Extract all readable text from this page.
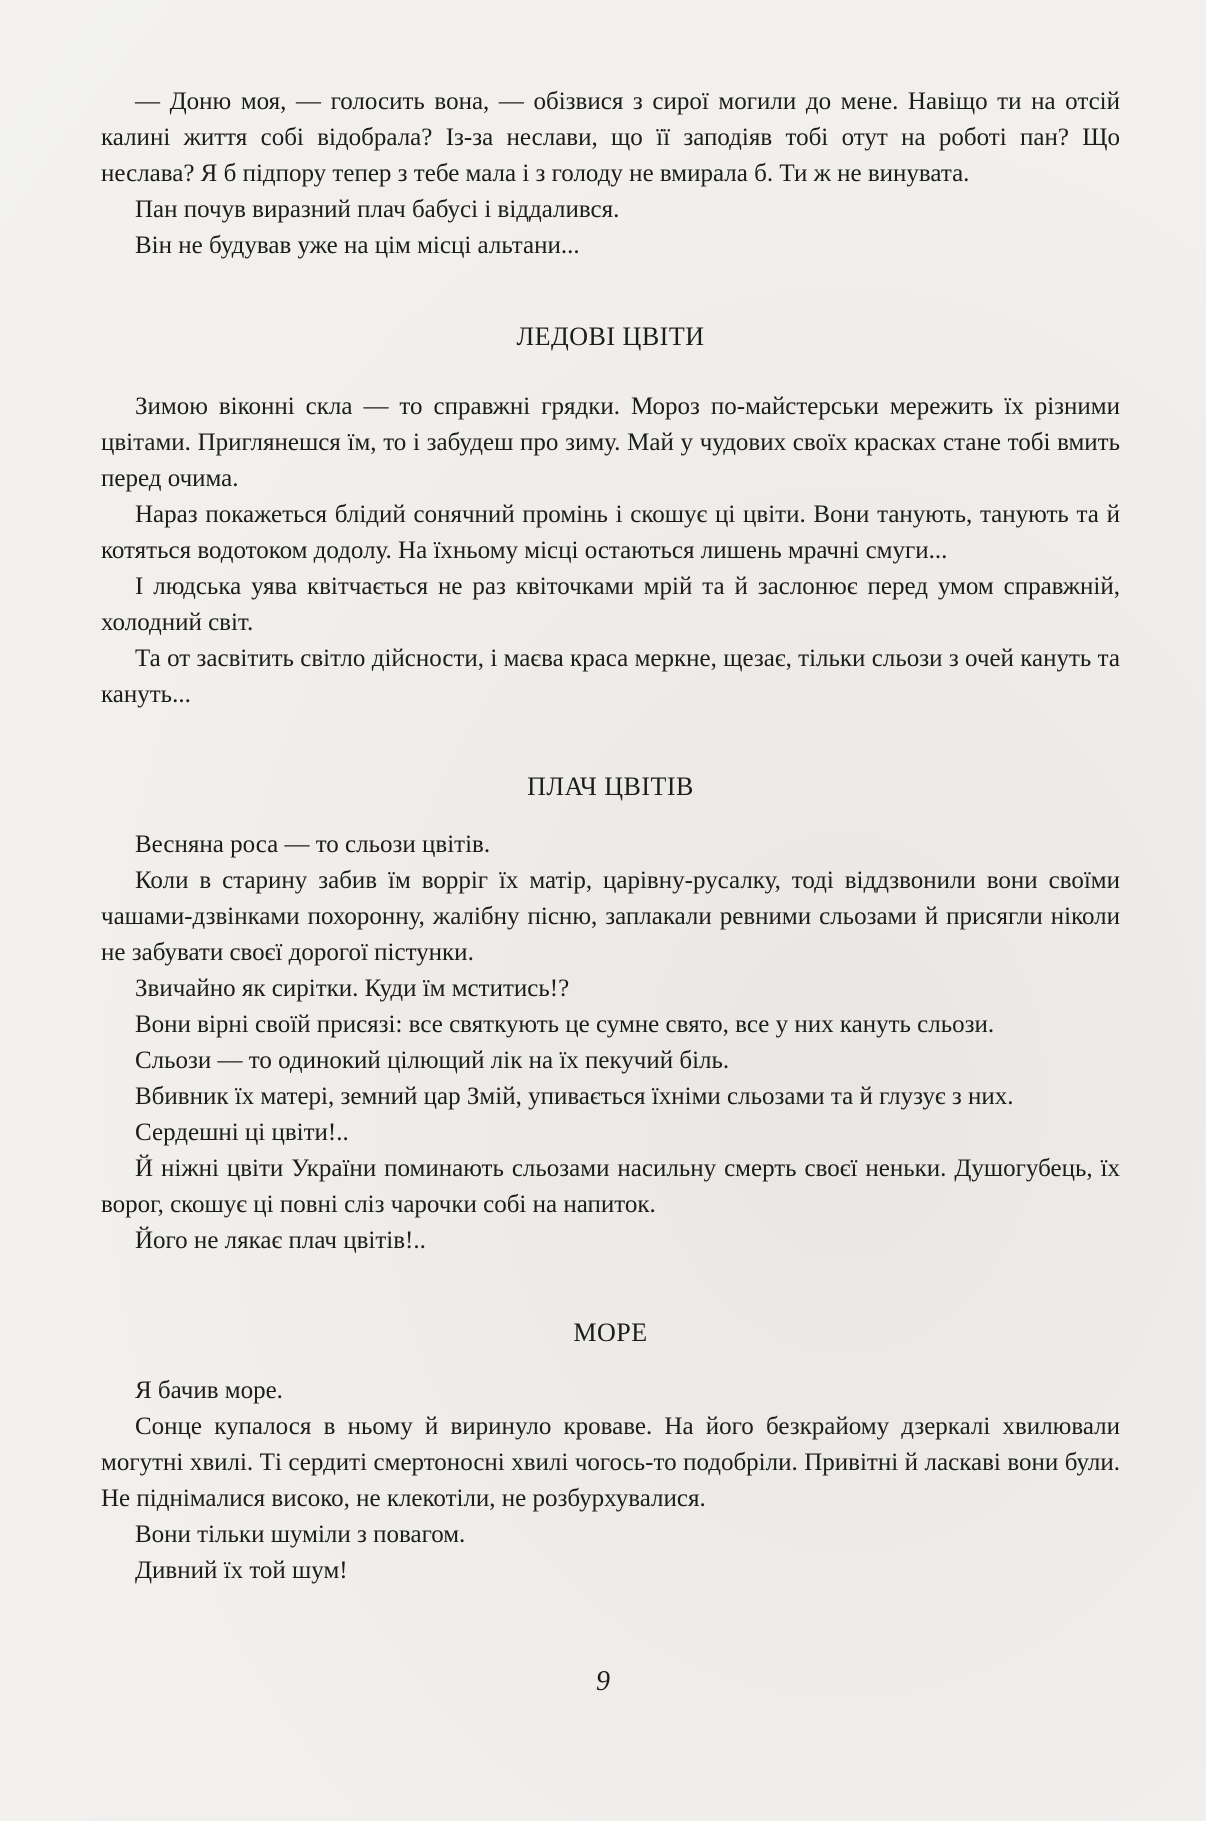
— Доню моя, — голосить вона, — обізвися з сирої могили до мене. Навіщо ти на отсій калині життя собі відобрала? Із-за неслави, що її заподіяв тобі отут на роботі пан? Що неслава? Я б підпору тепер з тебе мала і з голоду не вмирала б. Ти ж не винувата.

Пан почув виразний плач бабусі і віддалився.

Він не будував уже на цім місці альтани...

ЛЕДОВІ ЦВІТИ

Зимою віконні скла — то справжні грядки. Мороз по-майстерськи мережить їх різними цвітами. Приглянешся їм, то і забудеш про зиму. Май у чудових своїх красках стане тобі вмить перед очима.

Нараз покажеться блідий сонячний промінь і скошує ці цвіти. Вони танують, танують та й котяться водотоком додолу. На їхньому місці остаються лишень мрачні смуги...

І людська уява квітчається не раз квіточками мрій та й заслонює перед умом справжній, холодний світ.

Та от засвітить світло дійсности, і маєва краса меркне, щезає, тільки сльози з очей кануть та кануть...

ПЛАЧ ЦВІТІВ

Весняна роса — то сльози цвітів.

Коли в старину забив їм ворріг їх матір, царівну-русалку, тоді віддзвонили вони своїми чашами-дзвінками похоронну, жалібну пісню, заплакали ревними сльозами й присягли ніколи не забувати своєї дорогої пістунки.

Звичайно як сирітки. Куди їм мститись!?

Вони вірні своїй присязі: все святкують це сумне свято, все у них кануть сльози.

Сльози — то одинокий цілющий лік на їх пекучий біль.

Вбивник їх матері, земний цар Змій, упивається їхніми сльозами та й глузує з них.

Сердешні ці цвіти!..

Й ніжні цвіти України поминають сльозами насильну смерть своєї неньки. Душогубець, їх ворог, скошує ці повні сліз чарочки собі на напиток.

Його не лякає плач цвітів!..

МОРЕ

Я бачив море.

Сонце купалося в ньому й виринуло кроваве. На його безкрайому дзеркалі хвилювали могутні хвилі. Ті сердиті смертоносні хвилі чогось-то подобріли. Привітні й ласкаві вони були. Не піднімалися високо, не клекотіли, не розбурхувалися.

Вони тільки шуміли з повагом.

Дивний їх той шум!

9
